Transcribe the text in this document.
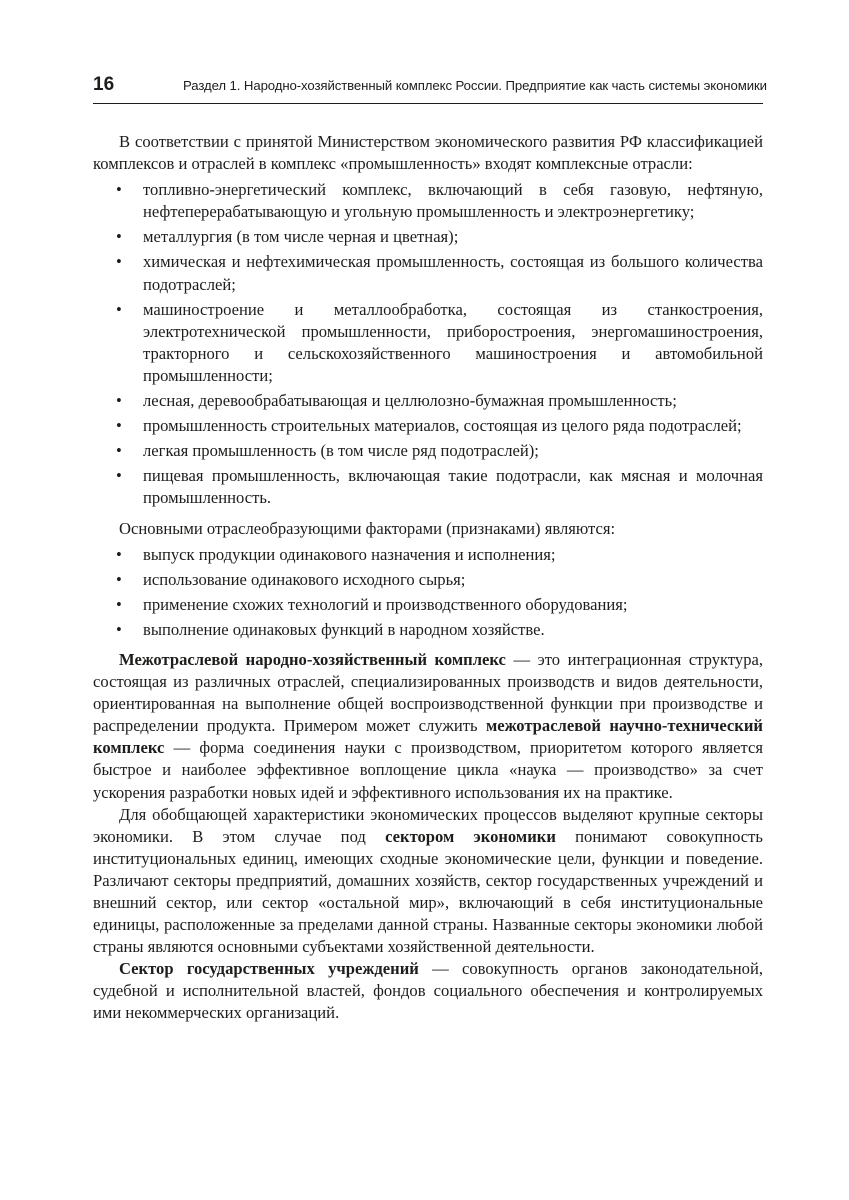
16	Раздел 1. Народно-хозяйственный комплекс России. Предприятие как часть системы экономики

В соответствии с принятой Министерством экономического развития РФ классификацией комплексов и отраслей в комплекс «промышленность» входят комплексные отрасли:

• топливно-энергетический комплекс, включающий в себя газовую, нефтяную, нефтеперерабатывающую и угольную промышленность и электроэнергетику;
• металлургия (в том числе черная и цветная);
• химическая и нефтехимическая промышленность, состоящая из большого количества подотраслей;
• машиностроение и металлообработка, состоящая из станкостроения, электротехнической промышленности, приборостроения, энергомашиностроения, тракторного и сельскохозяйственного машиностроения и автомобильной промышленности;
• лесная, деревообрабатывающая и целлюлозно-бумажная промышленность;
• промышленность строительных материалов, состоящая из целого ряда подотраслей;
• легкая промышленность (в том числе ряд подотраслей);
• пищевая промышленность, включающая такие подотрасли, как мясная и молочная промышленность.

Основными отраслеобразующими факторами (признаками) являются:

• выпуск продукции одинакового назначения и исполнения;
• использование одинакового исходного сырья;
• применение схожих технологий и производственного оборудования;
• выполнение одинаковых функций в народном хозяйстве.

Межотраслевой народно-хозяйственный комплекс — это интеграционная структура, состоящая из различных отраслей, специализированных производств и видов деятельности, ориентированная на выполнение общей воспроизводственной функции при производстве и распределении продукта. Примером может служить межотраслевой научно-технический комплекс — форма соединения науки с производством, приоритетом которого является быстрое и наиболее эффективное воплощение цикла «наука — производство» за счет ускорения разработки новых идей и эффективного использования их на практике.

Для обобщающей характеристики экономических процессов выделяют крупные секторы экономики. В этом случае под сектором экономики понимают совокупность институциональных единиц, имеющих сходные экономические цели, функции и поведение. Различают секторы предприятий, домашних хозяйств, сектор государственных учреждений и внешний сектор, или сектор «остальной мир», включающий в себя институциональные единицы, расположенные за пределами данной страны. Названные секторы экономики любой страны являются основными субъектами хозяйственной деятельности.

Сектор государственных учреждений — совокупность органов законодательной, судебной и исполнительной властей, фондов социального обеспечения и контролируемых ими некоммерческих организаций.
